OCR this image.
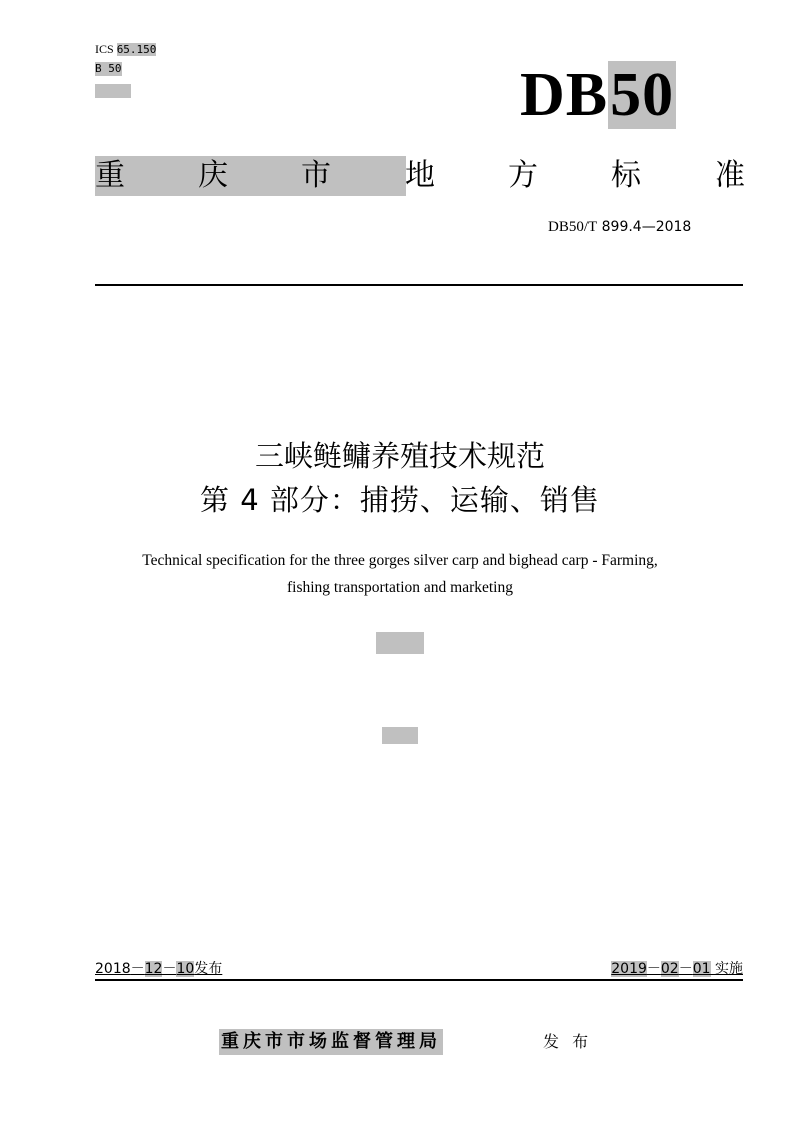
ICS 65.150
B 50	DB50
重 庆 市 地 方 标 准
DB50/T 899.4—2018
三峡鲢鳙养殖技术规范
第 4 部分：捕捞、运输、销售
Technical specification for the three gorges silver carp and bighead carp - Farming,
fishing transportation and marketing
2018－12－10发布	2019－02－01 实施
重庆市市场监督管理局	发 布
